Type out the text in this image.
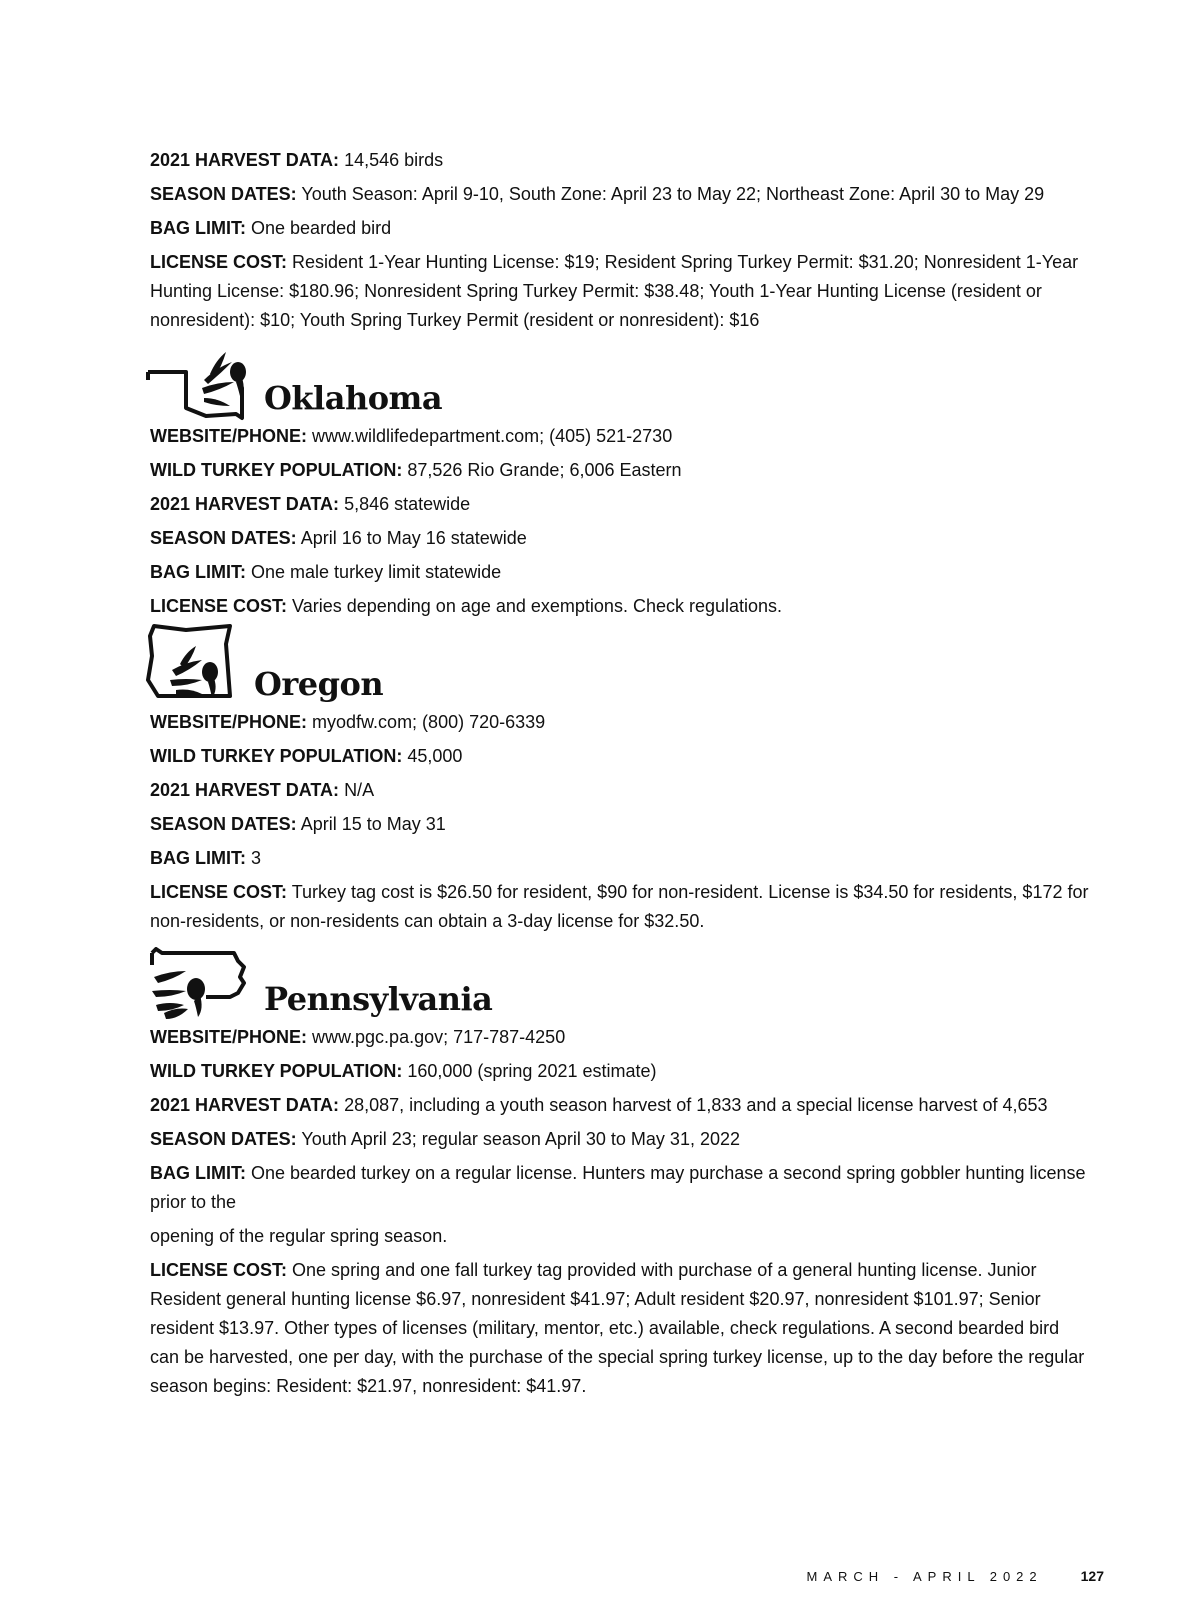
2021 HARVEST DATA: 14,546 birds

SEASON DATES: Youth Season: April 9-10, South Zone: April 23 to May 22; Northeast Zone: April 30 to May 29

BAG LIMIT: One bearded bird

LICENSE COST: Resident 1-Year Hunting License: $19; Resident Spring Turkey Permit: $31.20; Nonresident 1-Year Hunting License: $180.96; Nonresident Spring Turkey Permit: $38.48; Youth 1-Year Hunting License (resident or nonresident): $10; Youth Spring Turkey Permit (resident or nonresident): $16

Oklahoma

WEBSITE/PHONE: www.wildlifedepartment.com; (405) 521-2730

WILD TURKEY POPULATION: 87,526 Rio Grande; 6,006 Eastern

2021 HARVEST DATA: 5,846 statewide

SEASON DATES: April 16 to May 16 statewide

BAG LIMIT: One male turkey limit statewide

LICENSE COST: Varies depending on age and exemptions. Check regulations.

Oregon

WEBSITE/PHONE: myodfw.com; (800) 720-6339

WILD TURKEY POPULATION: 45,000

2021 HARVEST DATA: N/A

SEASON DATES: April 15 to May 31

BAG LIMIT: 3

LICENSE COST: Turkey tag cost is $26.50 for resident, $90 for non-resident. License is $34.50 for residents, $172 for non-residents, or non-residents can obtain a 3-day license for $32.50.

Pennsylvania

WEBSITE/PHONE: www.pgc.pa.gov; 717-787-4250

WILD TURKEY POPULATION: 160,000 (spring 2021 estimate)

2021 HARVEST DATA: 28,087, including a youth season harvest of 1,833 and a special license harvest of 4,653

SEASON DATES: Youth April 23; regular season April 30 to May 31, 2022

BAG LIMIT: One bearded turkey on a regular license. Hunters may purchase a second spring gobbler hunting license prior to the

opening of the regular spring season.

LICENSE COST: One spring and one fall turkey tag provided with purchase of a general hunting license. Junior Resident general hunting license $6.97, nonresident $41.97; Adult resident $20.97, nonresident $101.97; Senior resident $13.97. Other types of licenses (military, mentor, etc.) available, check regulations. A second bearded bird can be harvested, one per day, with the purchase of the special spring turkey license, up to the day before the regular season begins: Resident: $21.97, nonresident: $41.97.

MARCH - APRIL 2022	127
